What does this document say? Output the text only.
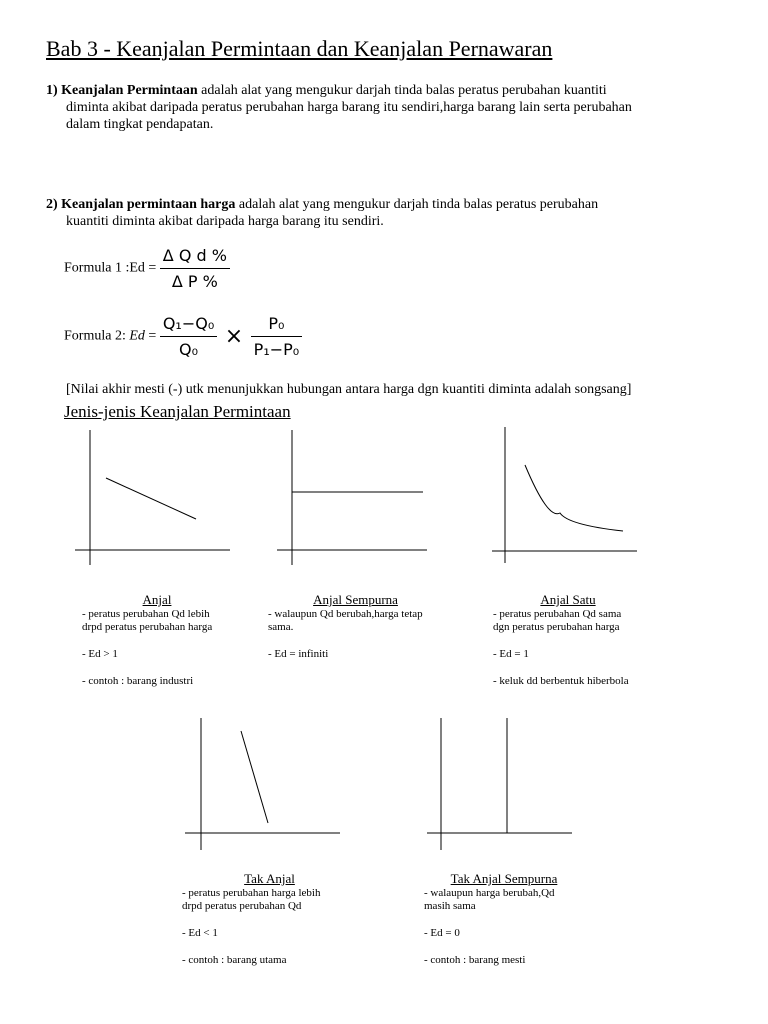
Bab 3 - Keanjalan Permintaan dan Keanjalan Pernawaran
1) Keanjalan Permintaan adalah alat yang mengukur darjah tinda balas peratus perubahan kuantiti
diminta akibat daripada peratus perubahan harga barang itu sendiri,harga barang lain serta perubahan
dalam tingkat pendapatan.
2) Keanjalan permintaan harga adalah alat yang mengukur darjah tinda balas peratus perubahan
kuantiti diminta akibat daripada harga barang itu sendiri.
Formula 1 :Ed = $\frac{\text{Δ Q d \%}}{\text{Δ P \%}}$
Formula 2: $Ed = \frac{\text{Q₁−Q₀}}{\text{Q₀}} \times \frac{\text{P₀}}{\text{P₁−P₀}}$
[Nilai akhir mesti (-) utk menunjukkan hubungan antara harga dgn kuantiti diminta adalah songsang]
Jenis-jenis Keanjalan Permintaan
Anjal
- peratus perubahan Qd lebih
drpd peratus perubahan harga
- Ed > 1
- contoh : barang industri
Anjal Sempurna
- walaupun Qd berubah,harga tetap
sama.
- Ed = infiniti
Anjal Satu
- peratus perubahan Qd sama
dgn peratus perubahan harga
- Ed = 1
- keluk dd berbentuk hiberbola
Tak Anjal
- peratus perubahan harga lebih
drpd peratus perubahan Qd
- Ed < 1
- contoh : barang utama
Tak Anjal Sempurna
- walaupun harga berubah,Qd
masih sama
- Ed = 0
- contoh : barang mesti
